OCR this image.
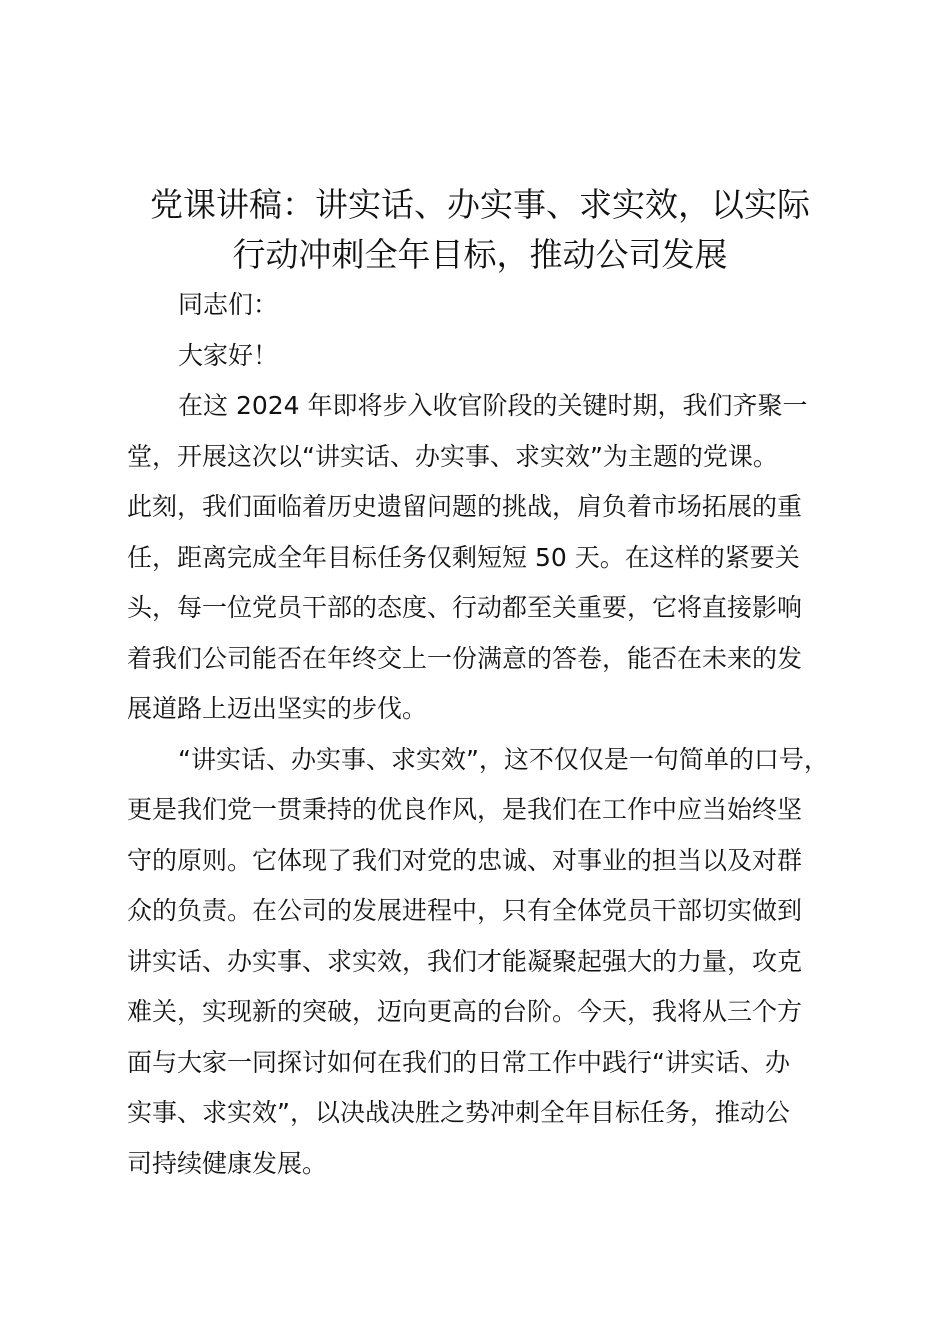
党课讲稿：讲实话、办实事、求实效，以实际
行动冲刺全年目标，推动公司发展

同志们：

大家好！

在这 2024 年即将步入收官阶段的关键时期，我们齐聚一
堂，开展这次以“讲实话、办实事、求实效”为主题的党课。
此刻，我们面临着历史遗留问题的挑战，肩负着市场拓展的重
任，距离完成全年目标任务仅剩短短 50 天。在这样的紧要关
头，每一位党员干部的态度、行动都至关重要，它将直接影响
着我们公司能否在年终交上一份满意的答卷，能否在未来的发
展道路上迈出坚实的步伐。

“讲实话、办实事、求实效”，这不仅仅是一句简单的口号，
更是我们党一贯秉持的优良作风，是我们在工作中应当始终坚
守的原则。它体现了我们对党的忠诚、对事业的担当以及对群
众的负责。在公司的发展进程中，只有全体党员干部切实做到
讲实话、办实事、求实效，我们才能凝聚起强大的力量，攻克
难关，实现新的突破，迈向更高的台阶。今天，我将从三个方
面与大家一同探讨如何在我们的日常工作中践行“讲实话、办
实事、求实效”，以决战决胜之势冲刺全年目标任务，推动公
司持续健康发展。
